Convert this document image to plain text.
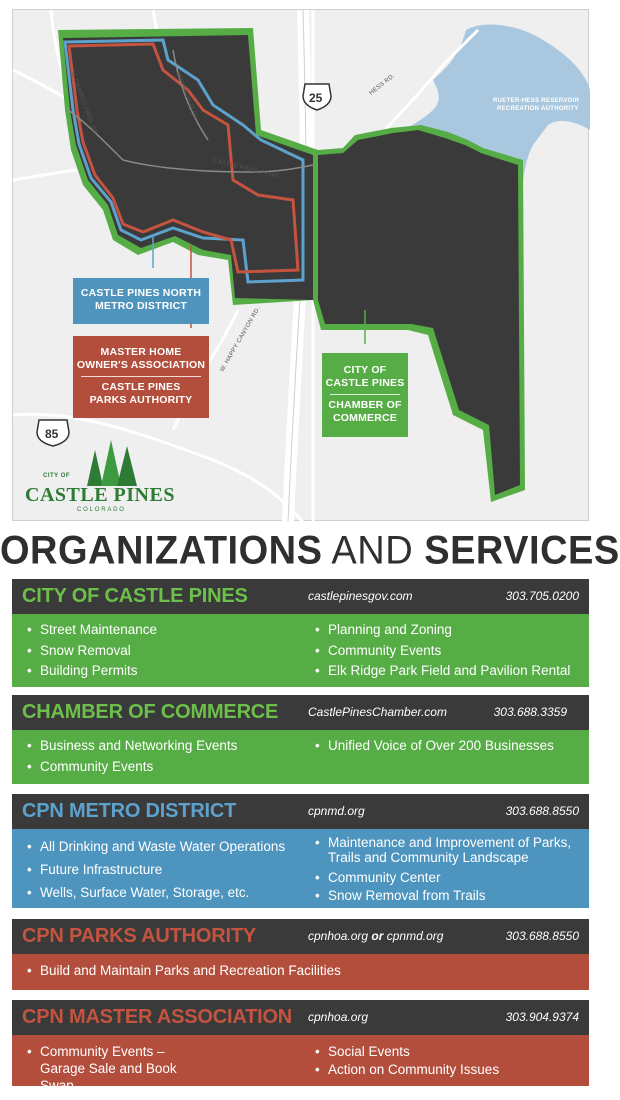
N. DANIELS PARK RD.	MONARCH BLVD.
CASTLE PINES PKWY
HESS RD.
W. HAPPY CANYON RD.
RUETER-HESS RESERVOIR
RECREATION AUTHORITY
25
85
CASTLE PINES NORTH
METRO DISTRICT
MASTER HOME
OWNER'S ASSOCIATION
CASTLE PINES
PARKS AUTHORITY
CITY OF
CASTLE PINES
CHAMBER OF
COMMERCE
CITY OF
CASTLE PINES
COLORADO
ORGANIZATIONS AND SERVICES
CITY OF CASTLE PINES	castlepinesgov.com	303.705.0200
• Street Maintenance
• Snow Removal
• Building Permits
• Planning and Zoning
• Community Events
• Elk Ridge Park Field and Pavilion Rental
CHAMBER OF COMMERCE CastlePinesChamber.com	303.688.3359
• Business and Networking Events
• Community Events
• Unified Voice of Over 200 Businesses
CPN METRO DISTRICT	cpnmd.org	303.688.8550
• All Drinking and Waste Water Operations
• Future Infrastructure
• Wells, Surface Water, Storage, etc.
• Maintenance and Improvement of Parks, Trails and Community Landscape
• Community Center
• Snow Removal from Trails
CPN PARKS AUTHORITY	cpnhoa.org or cpnmd.org	303.688.8550
• Build and Maintain Parks and Recreation Facilities
CPN MASTER ASSOCIATION cpnhoa.org	303.904.9374
• Community Events – Garage Sale and Book Swap
• Social Events
• Action on Community Issues
